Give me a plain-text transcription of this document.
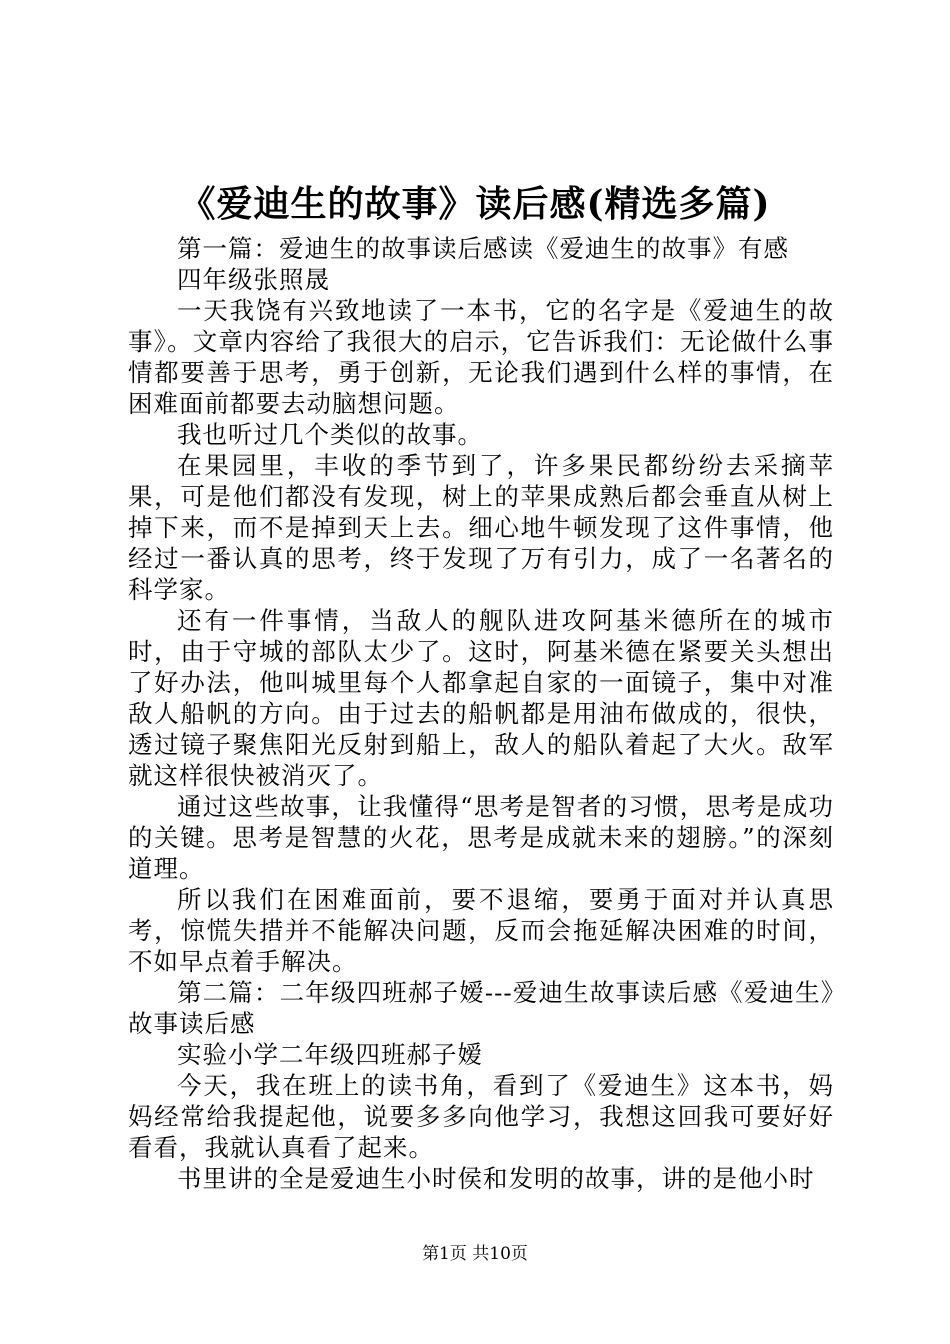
《爱迪生的故事》读后感(精选多篇)

第一篇：爱迪生的故事读后感读《爱迪生的故事》有感

四年级张照晟

一天我饶有兴致地读了一本书，它的名字是《爱迪生的故事》。文章内容给了我很大的启示，它告诉我们：无论做什么事情都要善于思考，勇于创新，无论我们遇到什么样的事情，在困难面前都要去动脑想问题。

我也听过几个类似的故事。

在果园里，丰收的季节到了，许多果民都纷纷去采摘苹果，可是他们都没有发现，树上的苹果成熟后都会垂直从树上掉下来，而不是掉到天上去。细心地牛顿发现了这件事情，他经过一番认真的思考，终于发现了万有引力，成了一名著名的科学家。

还有一件事情，当敌人的舰队进攻阿基米德所在的城市时，由于守城的部队太少了。这时，阿基米德在紧要关头想出了好办法，他叫城里每个人都拿起自家的一面镜子，集中对准敌人船帆的方向。由于过去的船帆都是用油布做成的，很快，透过镜子聚焦阳光反射到船上，敌人的船队着起了大火。敌军就这样很快被消灭了。

通过这些故事，让我懂得“思考是智者的习惯，思考是成功的关键。思考是智慧的火花，思考是成就未来的翅膀。”的深刻道理。

所以我们在困难面前，要不退缩，要勇于面对并认真思考，惊慌失措并不能解决问题，反而会拖延解决困难的时间，不如早点着手解决。

第二篇：二年级四班郝子嫒---爱迪生故事读后感《爱迪生》故事读后感

实验小学二年级四班郝子嫒

今天，我在班上的读书角，看到了《爱迪生》这本书，妈妈经常给我提起他，说要多多向他学习，我想这回我可要好好看看，我就认真看了起来。

书里讲的全是爱迪生小时侯和发明的故事，讲的是他小时

第1页 共10页
